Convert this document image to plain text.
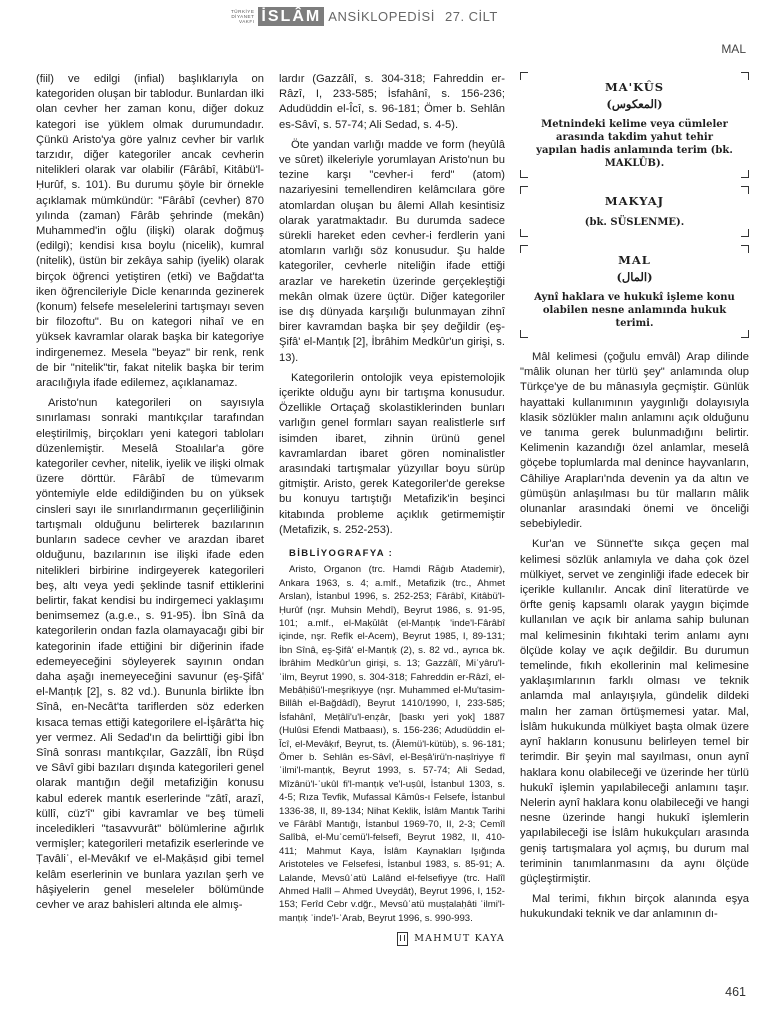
TÜRKİYE
DİYANET
VAKFI İSLÂM ANSİKLOPEDİSİ 27. CİLT
MAL

(fiil) ve edilgi (infial) başlıklarıyla on kategoriden oluşan bir tablodur. Bunlardan ilki olan cevher her zaman konu, diğer dokuz kategori ise yüklem olmak durumundadır. Çünkü Aristo'ya göre yalnız cevher bir varlık tarzıdır, diğer kategoriler ancak cevherin nitelikleri olarak var olabilir (Fârâbî, Kitâbü'l-Ḥurûf, s. 101). Bu durumu şöyle bir örnekle açıklamak mümkündür: "Fârâbî (cevher) 870 yılında (zaman) Fârâb şehrinde (mekân) Muhammed'in oğlu (ilişki) olarak doğmuş (edilgi); kendisi kısa boylu (nicelik), kumral (nitelik), üstün bir zekâya sahip (iyelik) olarak birçok öğrenci yetiştiren (etki) ve Bağdat'ta iken öğrencileriyle Dicle kenarında gezinerek (konum) felsefe meselelerini tartışmayı seven bir filozoftu". Bu on kategori nihaî ve en yüksek kavramlar olarak başka bir kategoriye indirgenemez. Mesela "beyaz" bir renk, renk de bir "nitelik"tir, fakat nitelik başka bir terim aracılığıyla ifade edilemez, açıklanamaz.

Aristo'nun kategorileri on sayısıyla sınırlaması sonraki mantıkçılar tarafından eleştirilmiş, birçokları yeni kategori tabloları düzenlemiştir. Meselâ Stoalılar'a göre kategoriler cevher, nitelik, iyelik ve ilişki olmak üzere dörttür. Fârâbî de tümevarım yöntemiyle elde edildiğinden bu on yüksek cinsleri sayı ile sınırlandırmanın geçerliliğinin tartışmalı olduğunu belirterek bazılarının bunların sadece cevher ve arazdan ibaret olduğunu, bazılarının ise ilişki ifade eden nitelikleri birbirine indirgeyerek kategorileri beş, altı veya yedi şeklinde tasnif ettiklerini belirtir, fakat kendisi bu indirgemeci yaklaşımı benimsemez (a.g.e., s. 91-95). İbn Sînâ da kategorilerin ondan fazla olamayacağı gibi bir kategorinin ifade ettiğini bir diğerinin ifade edemeyeceğini söyleyerek sayının ondan daha aşağı inemeyeceğini savunur (eş-Şifâ' el-Manṭıḳ [2], s. 82 vd.). Bununla birlikte İbn Sînâ, en-Necât'ta tariflerden söz ederken kısaca temas ettiği kategorilere el-İşârât'ta hiç yer vermez. Ali Sedad'ın da belirttiği gibi İbn Sînâ sonrası mantıkçılar, Gazzâlî, İbn Rüşd ve Sâvî gibi bazıları dışında kategorileri genel olarak mantığın değil metafiziğin konusu kabul ederek mantık eserlerinde "zâtî, arazî, küllî, cüz'î" gibi kavramlar ve beş tümeli inceledikleri "tasavvurât" bölümlerine ağırlık vermişler; kategorileri metafizik eserlerinde ve Ṭavâliʿ, el-Mevâkıf ve el-Maḳāṣıd gibi temel kelâm eserlerinin ve bunlara yazılan şerh ve hâşiyelerin genel meseleler bölümünde cevher ve araz bahisleri altında ele almış-

lardır (Gazzâlî, s. 304-318; Fahreddin er-Râzî, I, 233-585; İsfahânî, s. 156-236; Adudüddin el-Îcî, s. 96-181; Ömer b. Sehlân es-Sâvî, s. 57-74; Ali Sedad, s. 4-5).

Öte yandan varlığı madde ve form (heyûlâ ve sûret) ilkeleriyle yorumlayan Aristo'nun bu tezine karşı "cevher-i ferd" (atom) nazariyesini temellendiren kelâmcılara göre atomlardan oluşan bu âlemi Allah kesintisiz olarak yaratmaktadır. Bu durumda sadece sürekli hareket eden cevher-i ferdlerin yani atomların varlığı söz konusudur. Şu halde kategoriler, cevherle niteliğin ifade ettiği arazlar ve hareketin üzerinde gerçekleştiği mekân olmak üzere üçtür. Diğer kategoriler ise dış dünyada karşılığı bulunmayan zihnî birer kavramdan başka bir şey değildir (eş-Şifâ' el-Manṭıḳ [2], İbrâhim Medkûr'un girişi, s. 13).

Kategorilerin ontolojik veya epistemolojik içerikte olduğu aynı bir tartışma konusudur. Özellikle Ortaçağ skolastiklerinden bunları varlığın genel formları sayan realistlerle sırf isimden ibaret, zihnin ürünü genel kavramlardan ibaret gören nominalistler arasındaki tartışmalar yüzyıllar boyu sürüp gitmiştir. Aristo, gerek Kategoriler'de gerekse bu konuyu tartıştığı Metafizik'in beşinci kitabında probleme açıklık getirmemiştir (Metafizik, s. 252-253).

BİBLİYOGRAFYA :
Aristo, Organon (trc. Hamdi Rāġıb Atademir), Ankara 1963, s. 4; a.mlf., Metafizik (trc., Ahmet Arslan), İstanbul 1996, s. 252-253; Fârâbî, Kitâbü'l-Ḥurûf (nşr. Muhsin Mehdî), Beyrut 1986, s. 91-95, 101; a.mlf., el-Maḳūlât (el-Manṭıḳ 'inde'l-Fârâbî içinde, nşr. Refîk el-Acem), Beyrut 1985, I, 89-131; İbn Sînâ, eş-Şifâ' el-Manṭıḳ (2), s. 82 vd., ayrıca bk. İbrâhim Medkûr'un girişi, s. 13; Gazzâlî, Miʿyâru'l-ʿilm, Beyrut 1990, s. 304-318; Fahreddin er-Râzî, el-Mebâḥiŝü'l-meşriḳıyye (nşr. Muhammed el-Mu'tasim-Billâh el-Bağdâdî), Beyrut 1410/1990, I, 233-585; İsfahânî, Meṭâli'u'l-enẓâr, [baskı yeri yok] 1887 (Hulûsi Efendi Matbaası), s. 156-236; Adudüddin el-Îcî, el-Mevâḳıf, Beyrut, ts. (Âlemü'l-kütüb), s. 96-181; Ömer b. Sehlân es-Sâvî, el-Beṣâ'irü'n-naṣîriyye fî ʿilmi'l-manṭıḳ, Beyrut 1993, s. 57-74; Ali Sedad, Mîzânü'l-ʿukûl fi'l-manṭıḳ ve'l-uṣûl, İstanbul 1303, s. 4-5; Rıza Tevfik, Mufassal Kāmûs-ı Felsefe, İstanbul 1336-38, II, 89-134; Nihat Keklik, İslâm Mantık Tarihi ve Fârâbî Mantığı, İstanbul 1969-70, II, 2-3; Cemîl Salîbâ, el-Muʿcemü'l-felsefî, Beyrut 1982, II, 410-411; Mahmut Kaya, İslâm Kaynakları Işığında Aristoteles ve Felsefesi, İstanbul 1983, s. 85-91; A. Lalande, Mevsûʿatü Lalând el-felsefiyye (trc. Halîl Ahmed Halîl – Ahmed Uveydât), Beyrut 1996, I, 152-153; Ferîd Cebr v.dğr., Mevsûʿatü muṣṭalaḥâti ʿilmi'l-manṭıḳ ʿinde'l-ʿArab, Beyrut 1996, s. 990-993.
MAHMUT KAYA
MA'KÛS
(المعكوس)
Metnindeki kelime veya cümleler arasında takdim yahut tehir yapılan hadis anlamında terim (bk. MAKLÛB).
MAKYAJ
(bk. SÜSLENME).
MAL
(المال)
Aynî haklara ve hukukî işleme konu olabilen nesne anlamında hukuk terimi.

Mâl kelimesi (çoğulu emvâl) Arap dilinde "mâlik olunan her türlü şey" anlamında olup Türkçe'ye de bu mânasıyla geçmiştir. Günlük hayattaki kullanımının yaygınlığı dolayısıyla klasik sözlükler malın anlamını açık olduğunu ve tanıma gerek bulunmadığını belirtir. Kelimenin kazandığı özel anlamlar, meselâ göçebe toplumlarda mal denince hayvanların, Câhiliye Arapları'nda devenin ya da altın ve gümüşün anlaşılması bu tür malların mâlik olunanlar arasındaki önemi ve önceliği sebebiyledir.

Kur'an ve Sünnet'te sıkça geçen mal kelimesi sözlük anlamıyla ve daha çok özel mülkiyet, servet ve zenginliği ifade edecek bir içerikle kullanılır. Ancak dinî literatürde ve örfte geniş kapsamlı olarak yaygın biçimde kullanılan ve açık bir anlama sahip bulunan mal kelimesinin fıkıhtaki terim anlamı aynı ölçüde kolay ve açık değildir. Bu durumun temelinde, fıkıh ekollerinin mal kelimesine yaklaşımlarının farklı olması ve teknik anlamda mal anlayışıyla, gündelik dildeki malın her zaman örtüşmemesi yatar. Mal, İslâm hukukunda mülkiyet başta olmak üzere aynî hakların konusunu belirleyen temel bir terimdir. Bir şeyin mal sayılması, onun aynî haklara konu olabileceği ve üzerinde her türlü hukukî işlemin yapılabileceği anlamını taşır. Nelerin aynî haklara konu olabileceği ve hangi nesne üzerinde hangi hukukî işlemlerin yapılabileceği ise İslâm hukukçuları arasında geniş tartışmalara yol açmış, bu durum mal teriminin tanımlanmasını da aynı ölçüde güçleştirmiştir.

Mal terimi, fıkhın birçok alanında eşya hukukundaki teknik ve dar anlamının dı-

461
